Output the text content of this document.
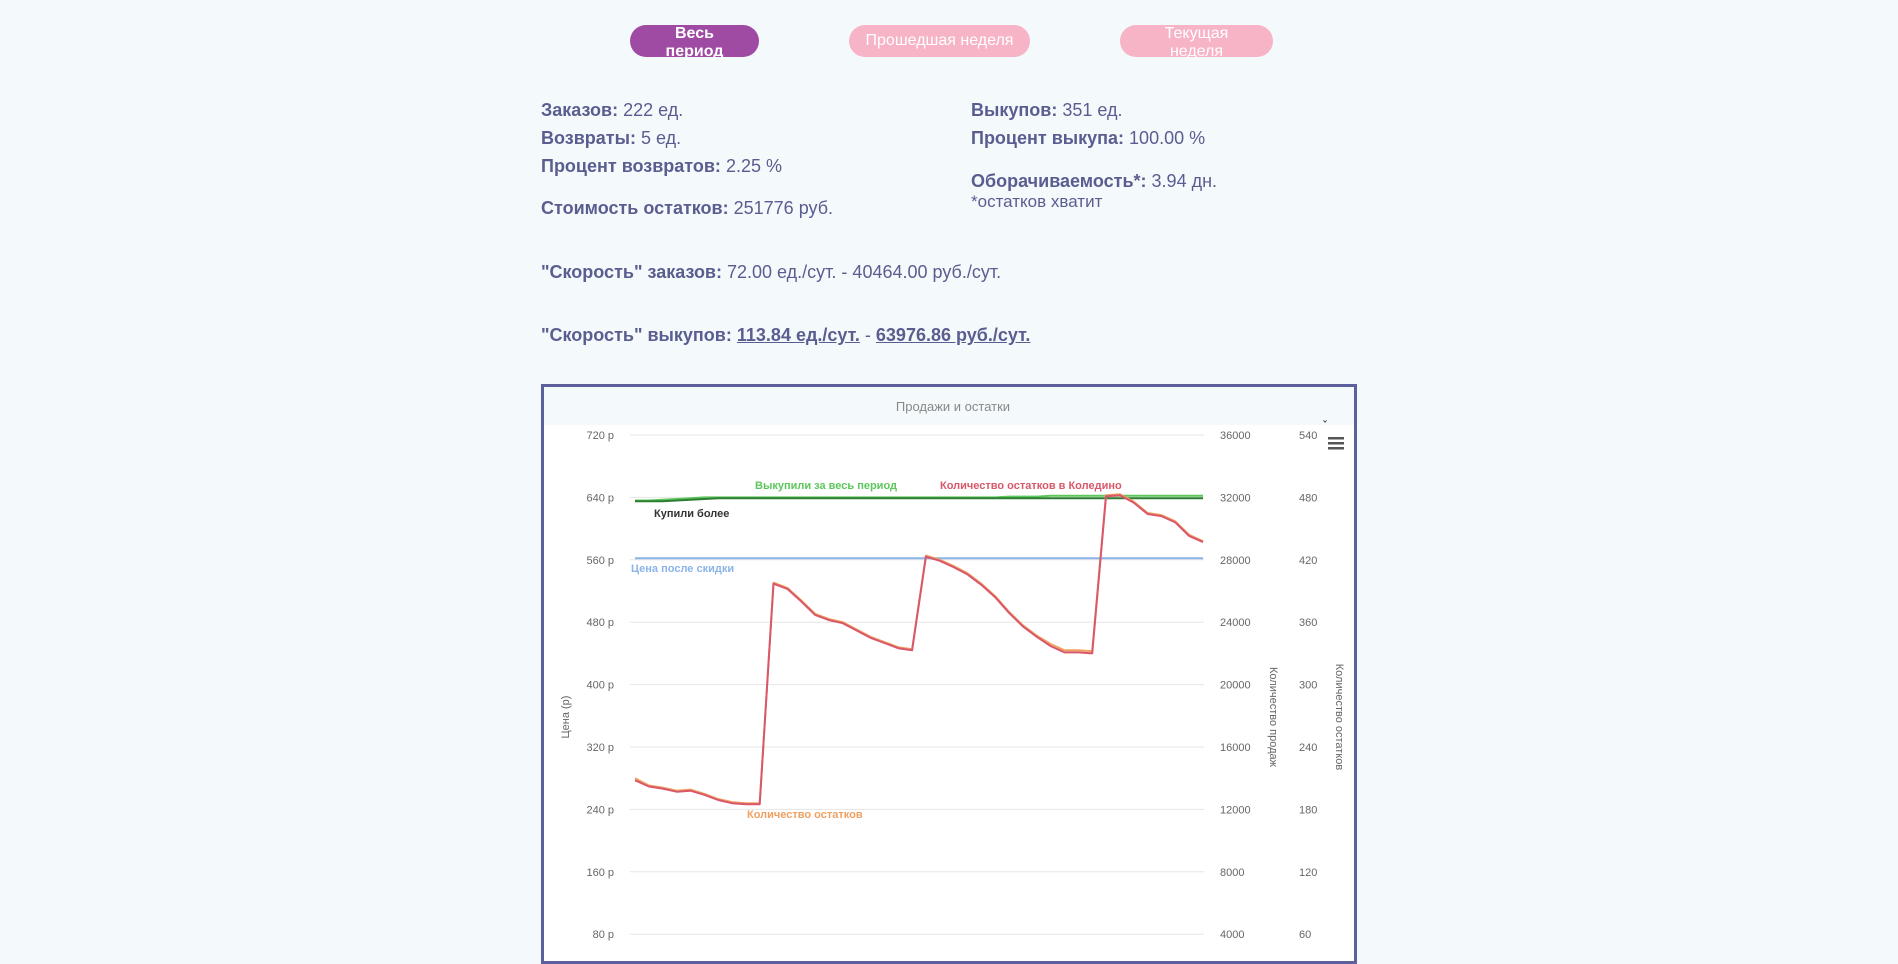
Весь период
Прошедшая неделя	Текущая неделя
Заказов: 222 ед.
Возвраты: 5 ед.
Процент возвратов: 2.25 %
Стоимость остатков: 251776 руб.
Выкупов: 351 ед.
Процент выкупа: 100.00 %
Оборачиваемость*: 3.94 дн.
*остатков хватит
"Скорость" заказов: 72.00 ед./сут. - 40464.00 руб./сут.
"Скорость" выкупов: 113.84 ед./сут. - 63976.86 руб./сут.
Продажи и остатки
ˇ
80 р	4000	60
160 р	8000	120
240 р	12000	180
320 р	16000	240
400 р	20000	300
480 р	24000	360
560 р	28000	420
640 р	32000	480
720 р	36000	540
Цена (р)	Количество продаж	Количество остатков
Выкупили за весь период	Количество остатков в Коледино
Купили более
Цена после скидки
Количество остатков
